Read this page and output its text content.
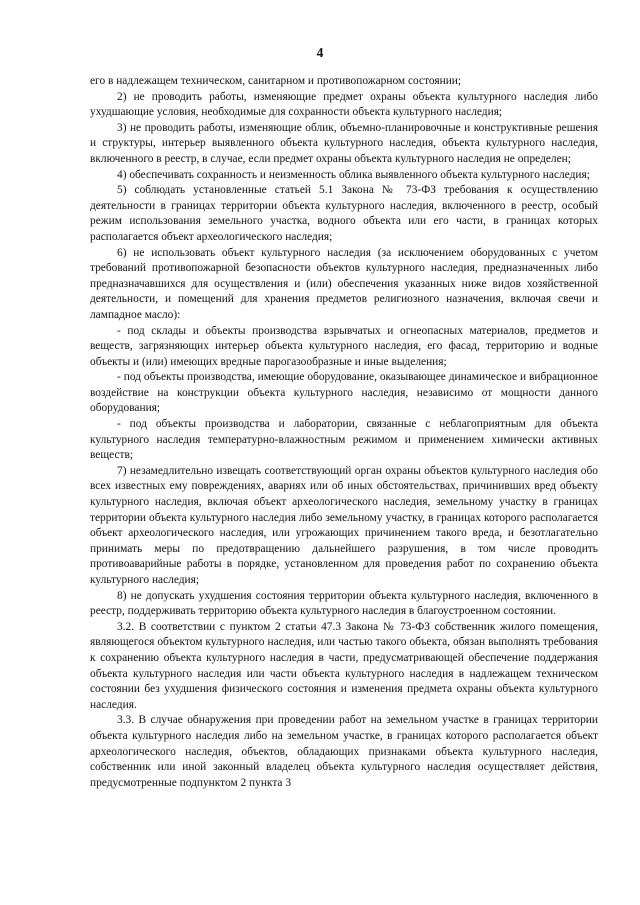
4

его в надлежащем техническом, санитарном и противопожарном состоянии;

2) не проводить работы, изменяющие предмет охраны объекта культурного наследия либо ухудшающие условия, необходимые для сохранности объекта культурного наследия;

3) не проводить работы, изменяющие облик, объемно-планировочные и конструктивные решения и структуры, интерьер выявленного объекта культурного наследия, объекта культурного наследия, включенного в реестр, в случае, если предмет охраны объекта культурного наследия не определен;

4) обеспечивать сохранность и неизменность облика выявленного объекта культурного наследия;

5) соблюдать установленные статьей 5.1 Закона № 73-ФЗ требования к осуществлению деятельности в границах территории объекта культурного наследия, включенного в реестр, особый режим использования земельного участка, водного объекта или его части, в границах которых располагается объект археологического наследия;

6) не использовать объект культурного наследия (за исключением оборудованных с учетом требований противопожарной безопасности объектов культурного наследия, предназначенных либо предназначавшихся для осуществления и (или) обеспечения указанных ниже видов хозяйственной деятельности, и помещений для хранения предметов религиозного назначения, включая свечи и лампадное масло):

- под склады и объекты производства взрывчатых и огнеопасных материалов, предметов и веществ, загрязняющих интерьер объекта культурного наследия, его фасад, территорию и водные объекты и (или) имеющих вредные парогазообразные и иные выделения;

- под объекты производства, имеющие оборудование, оказывающее динамическое и вибрационное воздействие на конструкции объекта культурного наследия, независимо от мощности данного оборудования;

- под объекты производства и лаборатории, связанные с неблагоприятным для объекта культурного наследия температурно-влажностным режимом и применением химически активных веществ;

7) незамедлительно извещать соответствующий орган охраны объектов культурного наследия обо всех известных ему повреждениях, авариях или об иных обстоятельствах, причинивших вред объекту культурного наследия, включая объект археологического наследия, земельному участку в границах территории объекта культурного наследия либо земельному участку, в границах которого располагается объект археологического наследия, или угрожающих причинением такого вреда, и безотлагательно принимать меры по предотвращению дальнейшего разрушения, в том числе проводить противоаварийные работы в порядке, установленном для проведения работ по сохранению объекта культурного наследия;

8) не допускать ухудшения состояния территории объекта культурного наследия, включенного в реестр, поддерживать территорию объекта культурного наследия в благоустроенном состоянии.

3.2. В соответствии с пунктом 2 статьи 47.3 Закона № 73-ФЗ собственник жилого помещения, являющегося объектом культурного наследия, или частью такого объекта, обязан выполнять требования к сохранению объекта культурного наследия в части, предусматривающей обеспечение поддержания объекта культурного наследия или части объекта культурного наследия в надлежащем техническом состоянии без ухудшения физического состояния и изменения предмета охраны объекта культурного наследия.

3.3. В случае обнаружения при проведении работ на земельном участке в границах территории объекта культурного наследия либо на земельном участке, в границах которого располагается объект археологического наследия, объектов, обладающих признаками объекта культурного наследия, собственник или иной законный владелец объекта культурного наследия осуществляет действия, предусмотренные подпунктом 2 пункта 3
